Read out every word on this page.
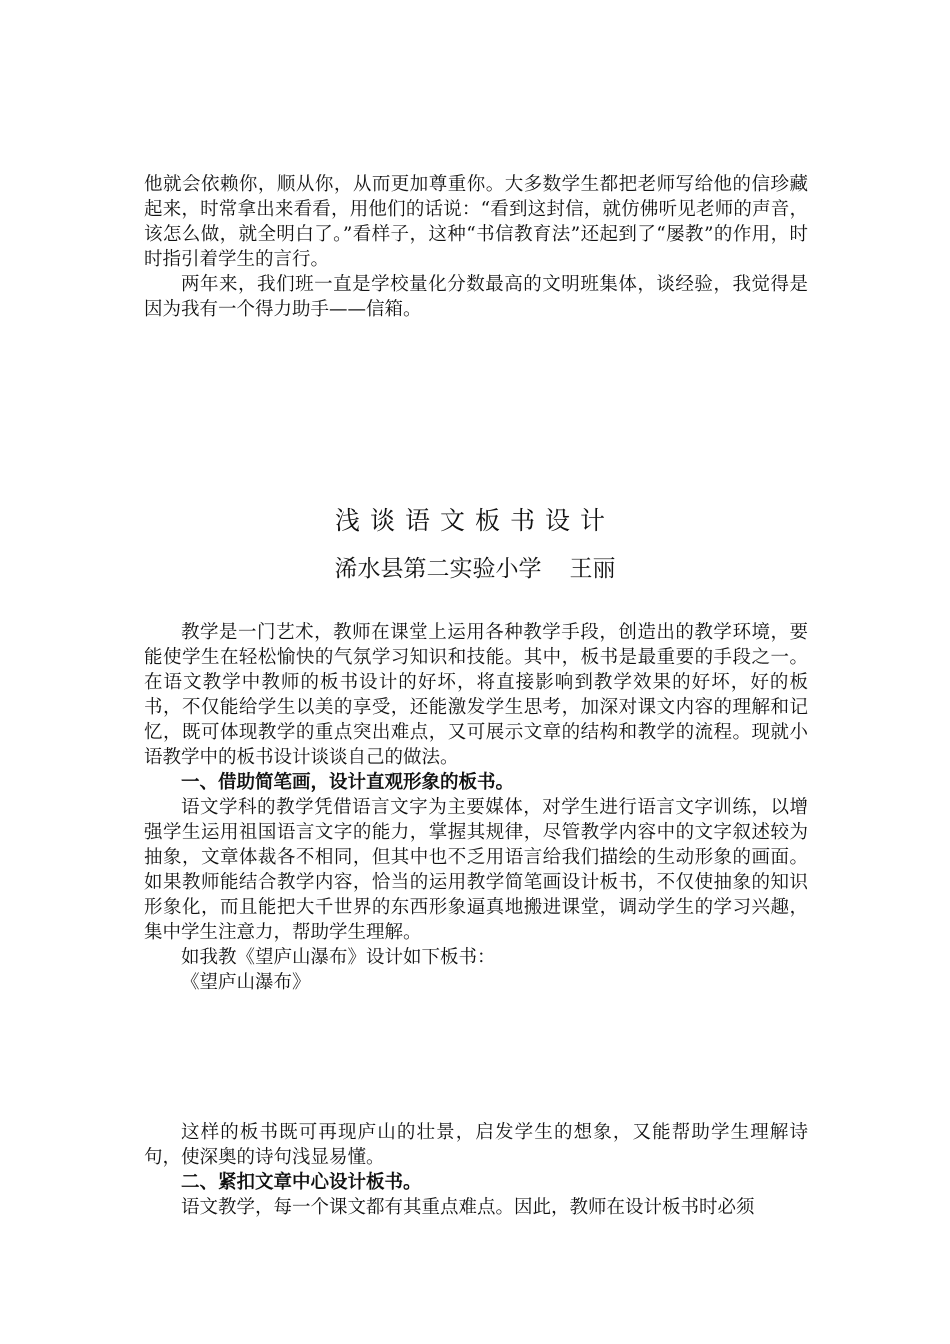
他就会依赖你，顺从你，从而更加尊重你。大多数学生都把老师写给他的信珍藏起来，时常拿出来看看，用他们的话说：“看到这封信，就仿佛听见老师的声音，该怎么做，就全明白了。”看样子，这种“书信教育法”还起到了“屡教”的作用，时时指引着学生的言行。

两年来，我们班一直是学校量化分数最高的文明班集体，谈经验，我觉得是因为我有一个得力助手——信箱。

浅谈语文板书设计
浠水县第二实验小学 王丽

教学是一门艺术，教师在课堂上运用各种教学手段，创造出的教学环境，要能使学生在轻松愉快的气氛学习知识和技能。其中，板书是最重要的手段之一。在语文教学中教师的板书设计的好坏，将直接影响到教学效果的好坏，好的板书，不仅能给学生以美的享受，还能激发学生思考，加深对课文内容的理解和记忆，既可体现教学的重点突出难点，又可展示文章的结构和教学的流程。现就小语教学中的板书设计谈谈自己的做法。

一、借助简笔画，设计直观形象的板书。

语文学科的教学凭借语言文字为主要媒体，对学生进行语言文字训练，以增强学生运用祖国语言文字的能力，掌握其规律，尽管教学内容中的文字叙述较为抽象，文章体裁各不相同，但其中也不乏用语言给我们描绘的生动形象的画面。如果教师能结合教学内容，恰当的运用教学简笔画设计板书，不仅使抽象的知识形象化，而且能把大千世界的东西形象逼真地搬进课堂，调动学生的学习兴趣，集中学生注意力，帮助学生理解。

如我教《望庐山瀑布》设计如下板书：

《望庐山瀑布》

这样的板书既可再现庐山的壮景，启发学生的想象，又能帮助学生理解诗句，使深奥的诗句浅显易懂。

二、紧扣文章中心设计板书。

语文教学，每一个课文都有其重点难点。因此，教师在设计板书时必须
